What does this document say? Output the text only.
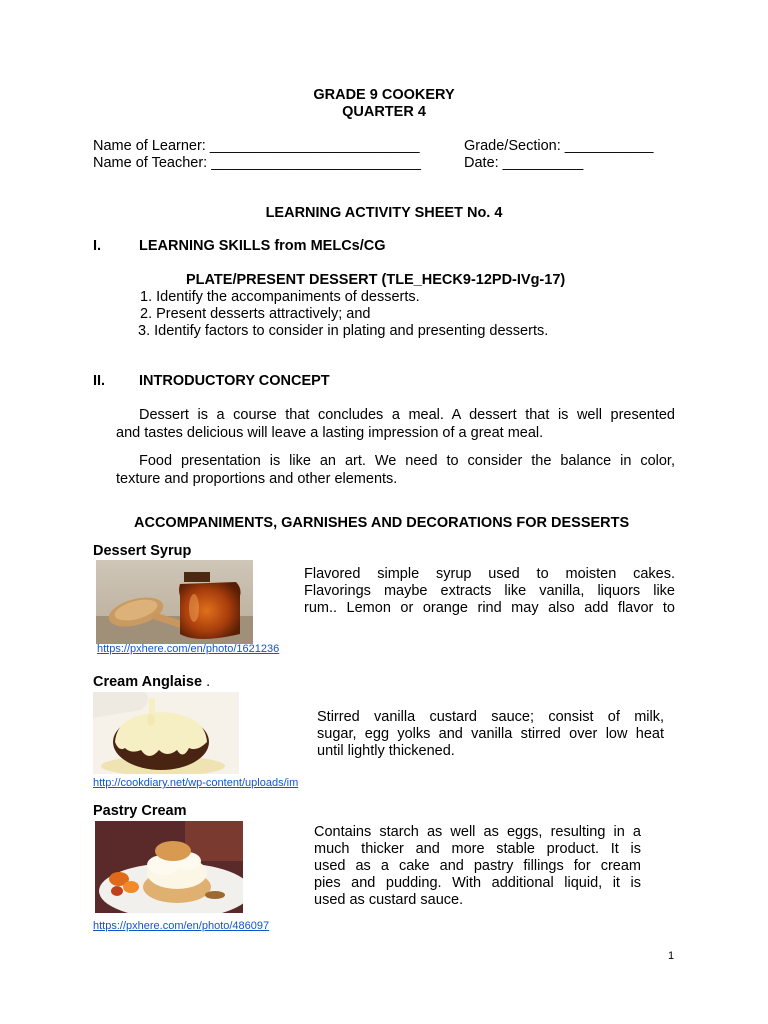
GRADE 9 COOKERY
QUARTER 4
Name of Learner: __________________________
Name of Teacher: __________________________
Grade/Section: ___________
Date: __________
LEARNING ACTIVITY SHEET No. 4
I.	LEARNING SKILLS from MELCs/CG
PLATE/PRESENT DESSERT (TLE_HECK9-12PD-IVg-17)
1. Identify the accompaniments of desserts.
2. Present desserts attractively; and
3. Identify factors to consider in plating and presenting desserts.
II. INTRODUCTORY CONCEPT
Dessert is a course that concludes a meal. A dessert that is well presented
and tastes delicious will leave a lasting impression of a great meal.
Food presentation is like an art. We need to consider the balance in color,
texture and proportions and other elements.
ACCOMPANIMENTS, GARNISHES AND DECORATIONS FOR DESSERTS
Dessert Syrup
Flavored simple syrup used to moisten cakes.
Flavorings maybe extracts like vanilla, liquors like
rum.. Lemon or orange rind may also add flavor to
https://pxhere.com/en/photo/1621236
Cream Anglaise .
Stirred vanilla custard sauce; consist of milk,
sugar, egg yolks and vanilla stirred over low heat
until lightly thickened.
http://cookdiary.net/wp-content/uploads/im
Pastry Cream
Contains starch as well as eggs, resulting in a
much thicker and more stable product. It is
used as a cake and pastry fillings for cream
pies and pudding. With additional liquid, it is
used as custard sauce.
https://pxhere.com/en/photo/486097
1
